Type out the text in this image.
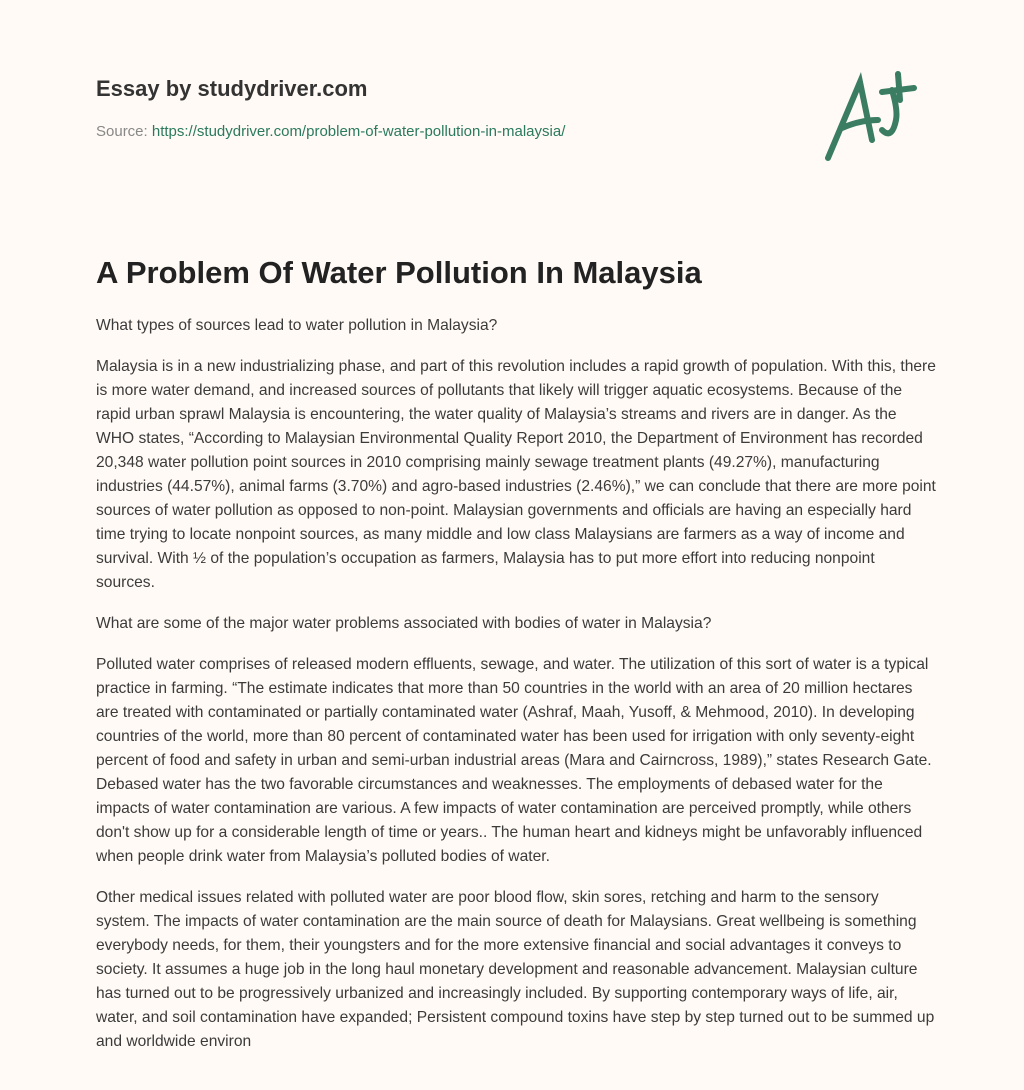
Essay by studydriver.com
Source: https://studydriver.com/problem-of-water-pollution-in-malaysia/

What types of sources lead to water pollution in Malaysia?

Malaysia is in a new industrializing phase, and part of this revolution includes a rapid growth of population. With this, there is more water demand, and increased sources of pollutants that likely will trigger aquatic ecosystems. Because of the rapid urban sprawl Malaysia is encountering, the water quality of Malaysia’s streams and rivers are in danger. As the WHO states, “According to Malaysian Environmental Quality Report 2010, the Department of Environment has recorded 20,348 water pollution point sources in 2010 comprising mainly sewage treatment plants (49.27%), manufacturing industries (44.57%), animal farms (3.70%) and agro-based industries (2.46%),” we can conclude that there are more point sources of water pollution as opposed to non-point. Malaysian governments and officials are having an especially hard time trying to locate nonpoint sources, as many middle and low class Malaysians are farmers as a way of income and survival. With ½ of the population’s occupation as farmers, Malaysia has to put more effort into reducing nonpoint sources.

What are some of the major water problems associated with bodies of water in Malaysia?

Polluted water comprises of released modern effluents, sewage, and water. The utilization of this sort of water is a typical practice in farming. “The estimate indicates that more than 50 countries in the world with an area of 20 million hectares are treated with contaminated or partially contaminated water (Ashraf, Maah, Yusoff, & Mehmood, 2010). In developing countries of the world, more than 80 percent of contaminated water has been used for irrigation with only seventy-eight percent of food and safety in urban and semi-urban industrial areas (Mara and Cairncross, 1989),” states Research Gate. Debased water has the two favorable circumstances and weaknesses. The employments of debased water for the impacts of water contamination are various. A few impacts of water contamination are perceived promptly, while others don't show up for a considerable length of time or years.. The human heart and kidneys might be unfavorably influenced when people drink water from Malaysia’s polluted bodies of water.

Other medical issues related with polluted water are poor blood flow, skin sores, retching and harm to the sensory system. The impacts of water contamination are the main source of death for Malaysians. Great wellbeing is something everybody needs, for them, their youngsters and for the more extensive financial and social advantages it conveys to society. It assumes a huge job in the long haul monetary development and reasonable advancement. Malaysian culture has turned out to be progressively urbanized and increasingly included. By supporting contemporary ways of life, air, water, and soil contamination have expanded; Persistent compound toxins have step by step turned out to be summed up and worldwide environ

A Problem Of Water Pollution In Malaysia
